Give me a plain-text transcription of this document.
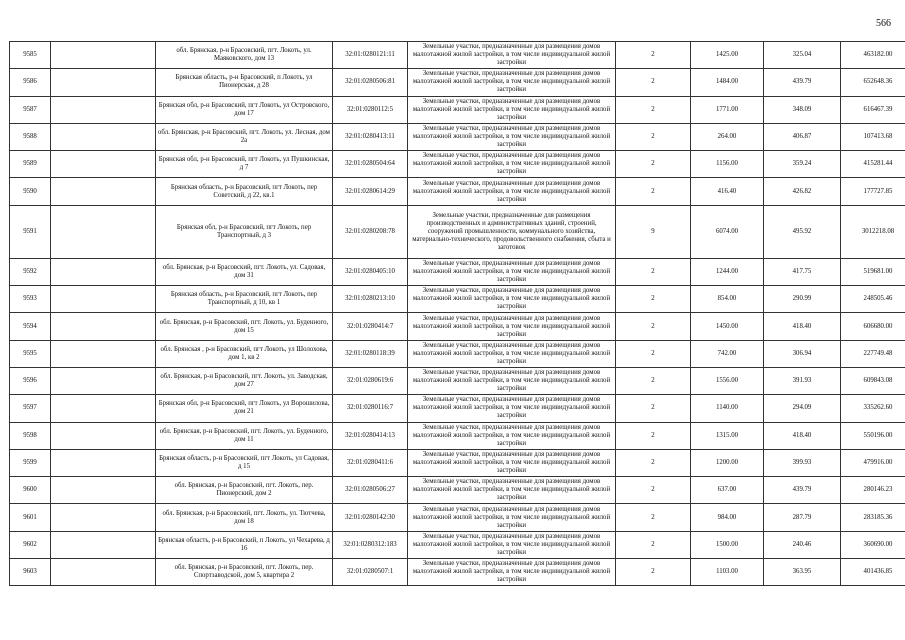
566
9585		обл. Брянская, р-н Брасовский, пгт. Локоть, ул. Маяковского, дом 13	32:01:0280121:11	Земельные участки, предназначенные для размещения домов малоэтажной жилой застройки, в том числе индивидуальной жилой застройки	2	1425.00	325.04	463182.00
9586		Брянская область, р-н Брасовский, п Локоть, ул Пионерская, д 28	32:01:0280506:81	Земельные участки, предназначенные для размещения домов малоэтажной жилой застройки, в том числе индивидуальной жилой застройки	2	1484.00	439.79	652648.36
9587		Брянская обл, р-н Брасовский, пгт Локоть, ул Островского, дом 17	32:01:0280112:5	Земельные участки, предназначенные для размещения домов малоэтажной жилой застройки, в том числе индивидуальной жилой застройки	2	1771.00	348.09	616467.39
9588		обл. Брянская, р-н Брасовский, пгт. Локоть, ул. Лесная, дом 2а	32:01:0280413:11	Земельные участки, предназначенные для размещения домов малоэтажной жилой застройки, в том числе индивидуальной жилой застройки	2	264.00	406.87	107413.68
9589		Брянская обл, р-н Брасовский, пгт Локоть, ул Пушкинская, д 7	32:01:0280504:64	Земельные участки, предназначенные для размещения домов малоэтажной жилой застройки, в том числе индивидуальной жилой застройки	2	1156.00	359.24	415281.44
9590		Брянская область, р-н Брасовский, пгт Локоть, пер Советский, д 22, кв.1	32:01:0280614:29	Земельные участки, предназначенные для размещения домов малоэтажной жилой застройки, в том числе индивидуальной жилой застройки	2	416.40	426.82	177727.85
9591		Брянская обл, р-н Брасовский, пгт Локоть, пер Транспортный, д 3	32:01:0280208:78	Земельные участки, предназначенные для размещения производственных и административных зданий, строений, сооружений промышленности, коммунального хозяйства, материально-технического, продовольственного снабжения, сбыта и заготовок	9	6074.00	495.92	3012218.08
9592		обл. Брянская, р-н Брасовский, пгт. Локоть, ул. Садовая, дом 31	32:01:0280405:10	Земельные участки, предназначенные для размещения домов малоэтажной жилой застройки, в том числе индивидуальной жилой застройки	2	1244.00	417.75	519681.00
9593		Брянская область, р-н Брасовский, пгт Локоть, пер Транспортный, д 10, кв 1	32:01:0280213:10	Земельные участки, предназначенные для размещения домов малоэтажной жилой застройки, в том числе индивидуальной жилой застройки	2	854.00	290.99	248505.46
9594		обл. Брянская, р-н Брасовский, пгт. Локоть, ул. Буденного, дом 15	32:01:0280414:7	Земельные участки, предназначенные для размещения домов малоэтажной жилой застройки, в том числе индивидуальной жилой застройки	2	1450.00	418.40	606680.00
9595		обл. Брянская , р-н Брасовский, пгт Локоть, ул Шолохова, дом 1, кв 2	32:01:0280118:39	Земельные участки, предназначенные для размещения домов малоэтажной жилой застройки, в том числе индивидуальной жилой застройки	2	742.00	306.94	227749.48
9596		обл. Брянская, р-н Брасовский, пгт. Локоть, ул. Заводская, дом 27	32:01:0280619:6	Земельные участки, предназначенные для размещения домов малоэтажной жилой застройки, в том числе индивидуальной жилой застройки	2	1556.00	391.93	609843.08
9597		Брянская обл, р-н Брасовский, пгт Локоть, ул Ворошилова, дом 21	32:01:0280116:7	Земельные участки, предназначенные для размещения домов малоэтажной жилой застройки, в том числе индивидуальной жилой застройки	2	1140.00	294.09	335262.60
9598		обл. Брянская, р-н Брасовский, пгт. Локоть, ул. Буденного, дом 11	32:01:0280414:13	Земельные участки, предназначенные для размещения домов малоэтажной жилой застройки, в том числе индивидуальной жилой застройки	2	1315.00	418.40	550196.00
9599		Брянская область, р-н Брасовский, пгт Локоть, ул Садовая, д 15	32:01:0280411:6	Земельные участки, предназначенные для размещения домов малоэтажной жилой застройки, в том числе индивидуальной жилой застройки	2	1200.00	399.93	479916.00
9600		обл. Брянская, р-н Брасовский, пгт. Локоть, пер. Пионерский, дом 2	32:01:0280506:27	Земельные участки, предназначенные для размещения домов малоэтажной жилой застройки, в том числе индивидуальной жилой застройки	2	637.00	439.79	280146.23
9601		обл. Брянская, р-н Брасовский, пгт. Локоть, ул. Тютчева, дом 18	32:01:0280142:30	Земельные участки, предназначенные для размещения домов малоэтажной жилой застройки, в том числе индивидуальной жилой застройки	2	984.00	287.79	283185.36
9602		Брянская область, р-н Брасовский, п Локоть, ул Чехарева, д 16	32:01:0280312:183	Земельные участки, предназначенные для размещения домов малоэтажной жилой застройки, в том числе индивидуальной жилой застройки	2	1500.00	240.46	360690.00
9603		обл. Брянская, р-н Брасовский, пгт. Локоть, пер. Спортзаводской, дом 5, квартира 2	32:01:0280507:1	Земельные участки, предназначенные для размещения домов малоэтажной жилой застройки, в том числе индивидуальной жилой застройки	2	1103.00	363.95	401436.85
